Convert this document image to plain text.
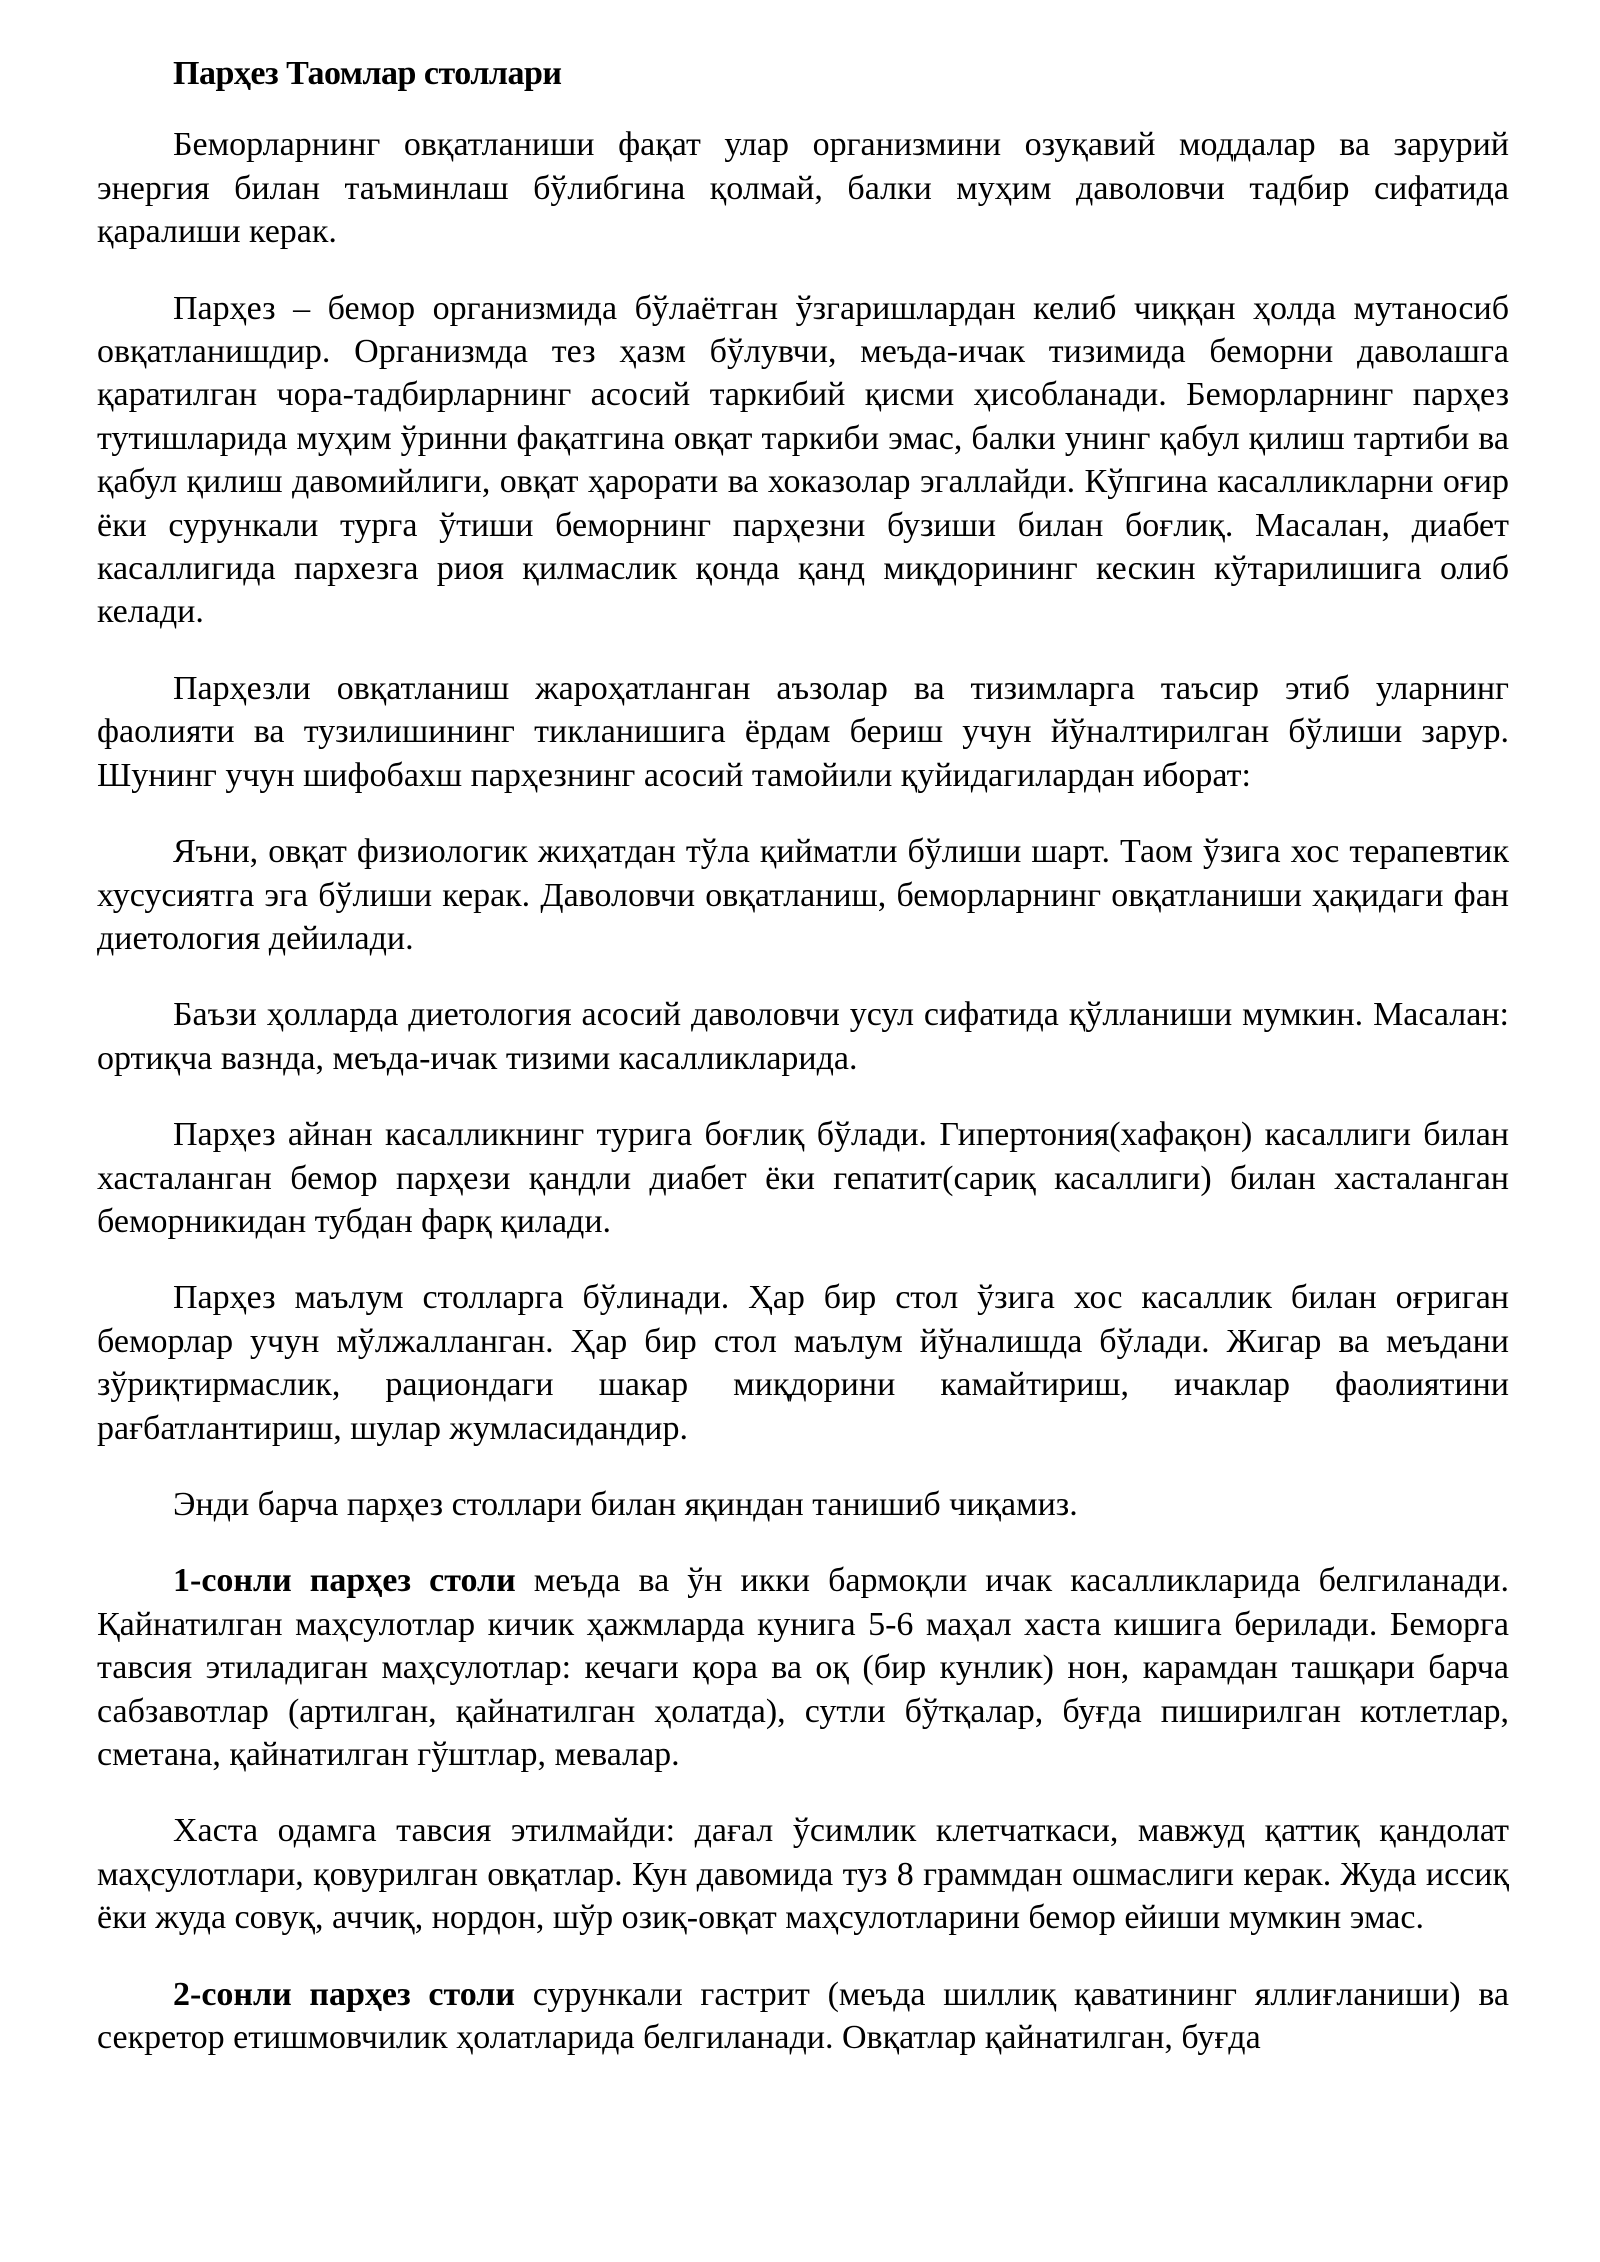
Парҳез Таомлар столлари

Беморларнинг овқатланиши фақат улар организмини озуқавий моддалар ва зарурий энергия билан таъминлаш бўлибгина қолмай, балки муҳим даволовчи тадбир сифатида қаралиши керак.

Парҳез – бемор организмида бўлаётган ўзгаришлардан келиб чиққан ҳолда мутаносиб овқатланишдир. Организмда тез ҳазм бўлувчи, меъда-ичак тизимида беморни даволашга қаратилган чора-тадбирларнинг асосий таркибий қисми ҳисобланади. Беморларнинг парҳез тутишларида муҳим ўринни фақатгина овқат таркиби эмас, балки унинг қабул қилиш тартиби ва қабул қилиш давомийлиги, овқат ҳарорати ва хоказолар эгаллайди. Кўпгина касалликларни оғир ёки сурункали турга ўтиши беморнинг парҳезни бузиши билан боғлиқ. Масалан, диабет касаллигида пархезга риоя қилмаслик қонда қанд миқдорининг кескин кўтарилишига олиб келади.

Парҳезли овқатланиш жароҳатланган аъзолар ва тизимларга таъсир этиб уларнинг фаолияти ва тузилишининг тикланишига ёрдам бериш учун йўналтирилган бўлиши зарур. Шунинг учун шифобахш парҳезнинг асосий тамойили қуйидагилардан иборат:

Яъни, овқат физиологик жиҳатдан тўла қийматли бўлиши шарт. Таом ўзига хос терапевтик хусусиятга эга бўлиши керак. Даволовчи овқатланиш, беморларнинг овқатланиши ҳақидаги фан диетология дейилади.

Баъзи ҳолларда диетология асосий даволовчи усул сифатида қўлланиши мумкин. Масалан: ортиқча вазнда, меъда-ичак тизими касалликларида.

Парҳез айнан касалликнинг турига боғлиқ бўлади. Гипертония(хафақон) касаллиги билан хасталанган бемор парҳези қандли диабет ёки гепатит(сариқ касаллиги) билан хасталанган беморникидан тубдан фарқ қилади.

Парҳез маълум столларга бўлинади. Ҳар бир стол ўзига хос касаллик билан оғриган беморлар учун мўлжалланган. Ҳар бир стол маълум йўналишда бўлади. Жигар ва меъдани зўриқтирмаслик, рациондаги шакар миқдорини камайтириш, ичаклар фаолиятини рағбатлантириш, шулар жумласидандир.

Энди барча парҳез столлари билан яқиндан танишиб чиқамиз.

1-сонли парҳез столи меъда ва ўн икки бармоқли ичак касалликларида белгиланади. Қайнатилган маҳсулотлар кичик ҳажмларда кунига 5-6 маҳал хаста кишига берилади. Беморга тавсия этиладиган маҳсулотлар: кечаги қора ва оқ (бир кунлик) нон, карамдан ташқари барча сабзавотлар (артилган, қайнатилган ҳолатда), сутли бўтқалар, буғда пиширилган котлетлар, сметана, қайнатилган гўштлар, мевалар.

Хаста одамга тавсия этилмайди: дағал ўсимлик клетчаткаси, мавжуд қаттиқ қандолат маҳсулотлари, қовурилган овқатлар. Кун давомида туз 8 граммдан ошмаслиги керак. Жуда иссиқ ёки жуда совуқ, аччиқ, нордон, шўр озиқ-овқат маҳсулотларини бемор ейиши мумкин эмас.

2-сонли парҳез столи сурункали гастрит (меъда шиллиқ қаватининг яллиғланиши) ва секретор етишмовчилик ҳолатларида белгиланади. Овқатлар қайнатилган, буғда
